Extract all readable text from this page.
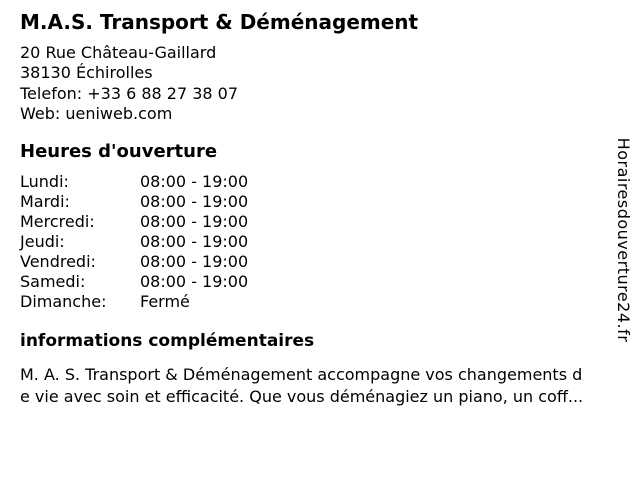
M.A.S. Transport & Déménagement
20 Rue Château-Gaillard
38130 Échirolles
Telefon: +33 6 88 27 38 07
Web: ueniweb.com
Heures d'ouverture
Lundi:	08:00 - 19:00
Mardi:	08:00 - 19:00
Mercredi:	08:00 - 19:00
Jeudi:	08:00 - 19:00
Vendredi:	08:00 - 19:00
Samedi:	08:00 - 19:00
Dimanche:	Fermé
informations complémentaires
M. A. S. Transport & Déménagement accompagne vos changements d
e vie avec soin et efficacité. Que vous déménagiez un piano, un coff...
Horairesdouverture24.fr
